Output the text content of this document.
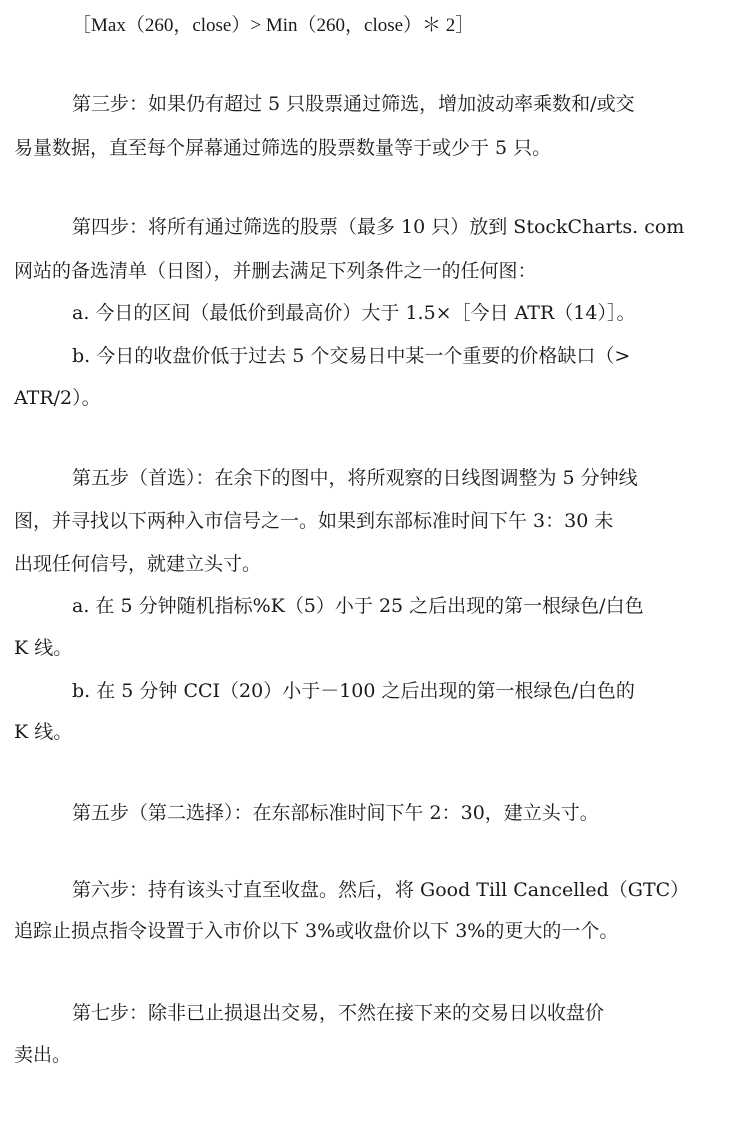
［Max（260，close）> Min（260，close）＊ 2］
第三步：如果仍有超过 5 只股票通过筛选，增加波动率乘数和/或交
易量数据，直至每个屏幕通过筛选的股票数量等于或少于 5 只。
第四步：将所有通过筛选的股票（最多 10 只）放到 StockCharts. com
网站的备选清单（日图），并删去满足下列条件之一的任何图：
a. 今日的区间（最低价到最高价）大于 1.5×［今日 ATR（14）］。
b. 今日的收盘价低于过去 5 个交易日中某一个重要的价格缺口（>
ATR/2）。
第五步（首选）：在余下的图中，将所观察的日线图调整为 5 分钟线
图，并寻找以下两种入市信号之一。如果到东部标准时间下午 3：30 未
出现任何信号，就建立头寸。
a. 在 5 分钟随机指标%K（5）小于 25 之后出现的第一根绿色/白色
K 线。
b. 在 5 分钟 CCI（20）小于－100 之后出现的第一根绿色/白色的
K 线。
第五步（第二选择）：在东部标准时间下午 2：30，建立头寸。
第六步：持有该头寸直至收盘。然后，将 Good Till Cancelled（GTC）
追踪止损点指令设置于入市价以下 3%或收盘价以下 3%的更大的一个。
第七步：除非已止损退出交易，不然在接下来的交易日以收盘价
卖出。
